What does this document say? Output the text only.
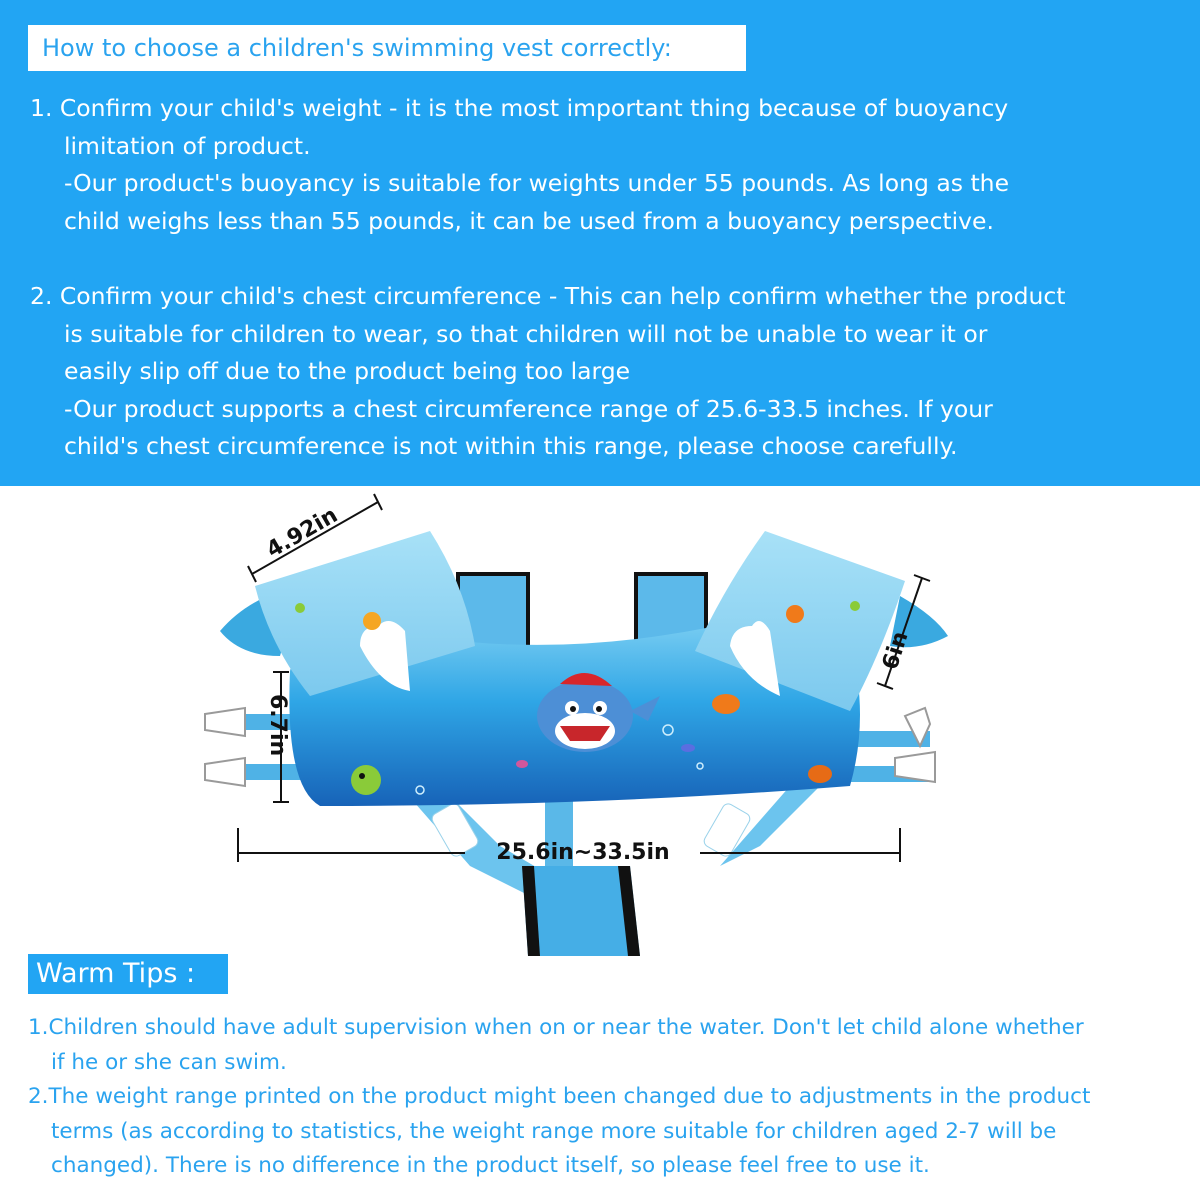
How to choose a children's swimming vest correctly:
1. Confirm your child's weight - it is the most important thing because of buoyancy
limitation of product.
-Our product's buoyancy is suitable for weights under 55 pounds. As long as the
child weighs less than 55 pounds, it can be used from a buoyancy perspective.
2. Confirm your child's chest circumference - This can help confirm whether the product
is suitable for children to wear, so that children will not be unable to wear it or
easily slip off due to the product being too large
-Our product supports a chest circumference range of 25.6-33.5 inches. If your
child's chest circumference is not within this range, please choose carefully.
4.92in
6in
6.7in
25.6in~33.5in
Warm Tips :
1.Children should have adult supervision when on or near the water. Don't let child alone whether
if he or she can swim.
2.The weight range printed on the product might been changed due to adjustments in the product
terms (as according to statistics, the weight range more suitable for children aged 2-7 will be
changed). There is no difference in the product itself, so please feel free to use it.
